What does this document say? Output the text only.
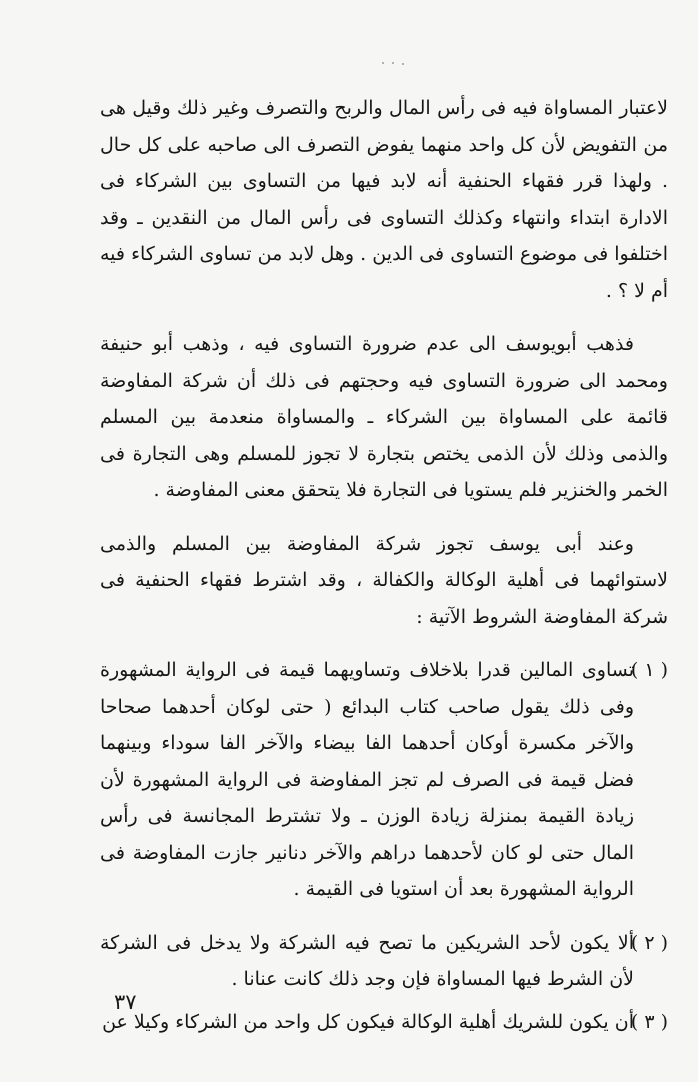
لاعتبار المساواة فيه فى رأس المال والربح والتصرف وغير ذلك وقيل هى من التفويض لأن كل واحد منهما يفوض التصرف الى صاحبه على كل حال . ولهذا قرر فقهاء الحنفية أنه لابد فيها من التساوى بين الشركاء فى الادارة ابتداء وانتهاء وكذلك التساوى فى رأس المال من النقدين ـ وقد اختلفوا فى موضوع التساوى فى الدين . وهل لابد من تساوى الشركاء فيه أم لا ؟ .

فذهب أبويوسف الى عدم ضرورة التساوى فيه ، وذهب أبو حنيفة ومحمد الى ضرورة التساوى فيه وحجتهم فى ذلك أن شركة المفاوضة قائمة على المساواة بين الشركاء ـ والمساواة منعدمة بين المسلم والذمى وذلك لأن الذمى يختص بتجارة لا تجوز للمسلم وهى التجارة فى الخمر والخنزير فلم يستويا فى التجارة فلا يتحقق معنى المفاوضة .

وعند أبى يوسف تجوز شركة المفاوضة بين المسلم والذمى لاستوائهما فى أهلية الوكالة والكفالة ، وقد اشترط فقهاء الحنفية فى شركة المفاوضة الشروط الآتية :

( ١ )

تساوى المالين قدرا بلاخلاف وتساويهما قيمة فى الرواية المشهورة وفى ذلك يقول صاحب كتاب البدائع ( حتى لوكان أحدهما صحاحا والآخر مكسرة أوكان أحدهما الفا بيضاء والآخر الفا سوداء وبينهما فضل قيمة فى الصرف لم تجز المفاوضة فى الرواية المشهورة لأن زيادة القيمة بمنزلة زيادة الوزن ـ ولا تشترط المجانسة فى رأس المال حتى لو كان لأحدهما دراهم والآخر دنانير جازت المفاوضة فى الرواية المشهورة بعد أن استويا فى القيمة .

( ٢ )

ألا يكون لأحد الشريكين ما تصح فيه الشركة ولا يدخل فى الشركة لأن الشرط فيها المساواة فإن وجد ذلك كانت عنانا .

( ٣ )

أن يكون للشريك أهلية الوكالة فيكون كل واحد من الشركاء وكيلا عن

٣٧
